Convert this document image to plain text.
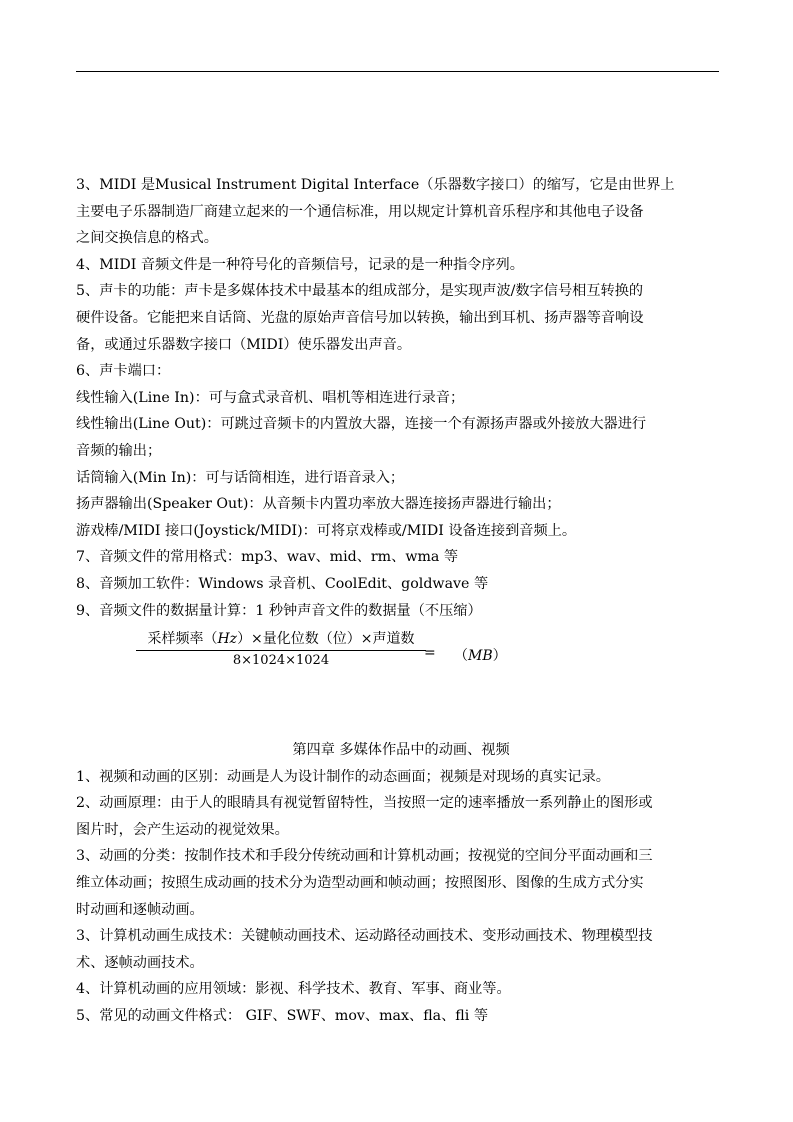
3、MIDI 是Musical Instrument Digital Interface（乐器数字接口）的缩写，它是由世界上
主要电子乐器制造厂商建立起来的一个通信标准，用以规定计算机音乐程序和其他电子设备
之间交换信息的格式。
4、MIDI 音频文件是一种符号化的音频信号，记录的是一种指令序列。
5、声卡的功能：声卡是多媒体技术中最基本的组成部分，是实现声波/数字信号相互转换的
硬件设备。它能把来自话筒、光盘的原始声音信号加以转换，输出到耳机、扬声器等音响设
备，或通过乐器数字接口（MIDI）使乐器发出声音。
6、声卡端口：
线性输入(Line In)：可与盒式录音机、唱机等相连进行录音；
线性输出(Line Out)：可跳过音频卡的内置放大器，连接一个有源扬声器或外接放大器进行
音频的输出；
话筒输入(Min In)：可与话筒相连，进行语音录入；
扬声器输出(Speaker Out)：从音频卡内置功率放大器连接扬声器进行输出；
游戏棒/MIDI 接口(Joystick/MIDI)：可将京戏棒或/MIDI 设备连接到音频上。
7、音频文件的常用格式：mp3、wav、mid、rm、wma 等
8、音频加工软件：Windows 录音机、CoolEdit、goldwave 等
9、音频文件的数据量计算：1 秒钟声音文件的数据量（不压缩）
采样频率（Hz）×量化位数（位）×声道数
8×1024×1024	= （MB）
第四章 多媒体作品中的动画、视频
1、视频和动画的区别：动画是人为设计制作的动态画面；视频是对现场的真实记录。
2、动画原理：由于人的眼睛具有视觉暂留特性，当按照一定的速率播放一系列静止的图形或
图片时，会产生运动的视觉效果。
3、动画的分类：按制作技术和手段分传统动画和计算机动画；按视觉的空间分平面动画和三
维立体动画；按照生成动画的技术分为造型动画和帧动画；按照图形、图像的生成方式分实
时动画和逐帧动画。
3、计算机动画生成技术：关键帧动画技术、运动路径动画技术、变形动画技术、物理模型技
术、逐帧动画技术。
4、计算机动画的应用领域：影视、科学技术、教育、军事、商业等。
5、常见的动画文件格式： GIF、SWF、mov、max、fla、fli 等
